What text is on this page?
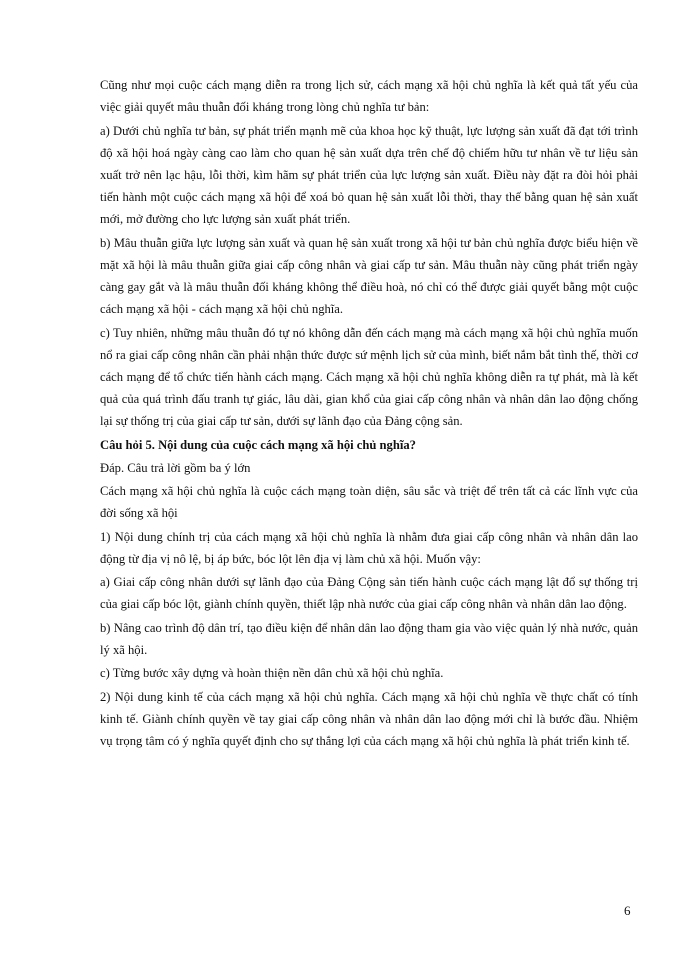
Cũng như mọi cuộc cách mạng diễn ra trong lịch sử, cách mạng xã hội chủ nghĩa là kết quả tất yếu của việc giải quyết mâu thuẫn đối kháng trong lòng chủ nghĩa tư bản:

a) Dưới chủ nghĩa tư bản, sự phát triển mạnh mẽ của khoa học kỹ thuật, lực lượng sản xuất đã đạt tới trình độ xã hội hoá ngày càng cao làm cho quan hệ sản xuất dựa trên chế độ chiếm hữu tư nhân về tư liệu sản xuất trở nên lạc hậu, lỗi thời, kìm hãm sự phát triển của lực lượng sản xuất. Điều này đặt ra đòi hỏi phải tiến hành một cuộc cách mạng xã hội để xoá bỏ quan hệ sản xuất lỗi thời, thay thế bằng quan hệ sản xuất mới, mở đường cho lực lượng sản xuất phát triển.

b) Mâu thuẫn giữa lực lượng sản xuất và quan hệ sản xuất trong xã hội tư bản chủ nghĩa được biểu hiện về mặt xã hội là mâu thuẫn giữa giai cấp công nhân và giai cấp tư sản. Mâu thuẫn này cũng phát triển ngày càng gay gắt và là mâu thuẫn đối kháng không thể điều hoà, nó chỉ có thể được giải quyết bằng một cuộc cách mạng xã hội - cách mạng xã hội chủ nghĩa.

c) Tuy nhiên, những mâu thuẫn đó tự nó không dẫn đến cách mạng mà cách mạng xã hội chủ nghĩa muốn nổ ra giai cấp công nhân cần phải nhận thức được sứ mệnh lịch sử của mình, biết nắm bắt tình thế, thời cơ cách mạng để tổ chức tiến hành cách mạng. Cách mạng xã hội chủ nghĩa không diễn ra tự phát, mà là kết quả của quá trình đấu tranh tự giác, lâu dài, gian khổ của giai cấp công nhân và nhân dân lao động chống lại sự thống trị của giai cấp tư sản, dưới sự lãnh đạo của Đảng cộng sản.

Câu hỏi 5. Nội dung của cuộc cách mạng xã hội chủ nghĩa?

Đáp. Câu trả lời gồm ba ý lớn

Cách mạng xã hội chủ nghĩa là cuộc cách mạng toàn diện, sâu sắc và triệt để trên tất cả các lĩnh vực của đời sống xã hội

1) Nội dung chính trị của cách mạng xã hội chủ nghĩa là nhằm đưa giai cấp công nhân và nhân dân lao động từ địa vị nô lệ, bị áp bức, bóc lột lên địa vị làm chủ xã hội. Muốn vậy:

a) Giai cấp công nhân dưới sự lãnh đạo của Đảng Cộng sản tiến hành cuộc cách mạng lật đổ sự thống trị của giai cấp bóc lột, giành chính quyền, thiết lập nhà nước của giai cấp công nhân và nhân dân lao động.

b) Nâng cao trình độ dân trí, tạo điều kiện để nhân dân lao động tham gia vào việc quản lý nhà nước, quản lý xã hội.

c) Từng bước xây dựng và hoàn thiện nền dân chủ xã hội chủ nghĩa.

2) Nội dung kinh tế của cách mạng xã hội chủ nghĩa. Cách mạng xã hội chủ nghĩa về thực chất có tính kinh tế. Giành chính quyền về tay giai cấp công nhân và nhân dân lao động mới chỉ là bước đầu. Nhiệm vụ trọng tâm có ý nghĩa quyết định cho sự thắng lợi của cách mạng xã hội chủ nghĩa là phát triển kinh tế.

6
